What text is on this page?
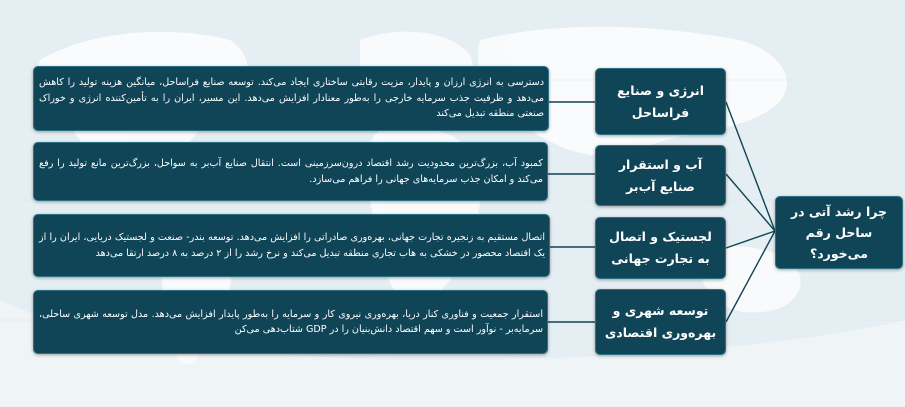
چرا رشد آتی در ساحل رقم می‌خورد؟
انرژی و صنایع فراساحل
آب و استقرار صنایع آب‌بر
لجستیک و اتصال به تجارت جهانی
توسعه شهری و بهره‌وری اقتصادی
دسترسی به انرژی ارزان و پایدار، مزیت رقابتی ساختاری ایجاد می‌کند. توسعه صنایع فراساحل، میانگین هزینه تولید را کاهش می‌دهد و ظرفیت جذب سرمایه خارجی را به‌طور معنادار افزایش می‌دهد. این مسیر، ایران را به تأمین‌کننده انرژی و خوراک صنعتی منطقه تبدیل می‌کند
کمبود آب، بزرگ‌ترین محدودیت رشد اقتصاد درون‌سرزمینی است. انتقال صنایع آب‌بر به سواحل، بزرگ‌ترین مانع تولید را رفع می‌کند و امکان جذب سرمایه‌های جهانی را فراهم می‌سازد.
اتصال مستقیم به زنجیره تجارت جهانی، بهره‌وری صادراتی را افزایش می‌دهد. توسعه بندر- صنعت و لجستیک دریایی، ایران را از یک اقتصاد محصور در خشکی به هاب تجاری منطقه تبدیل می‌کند و نرخ رشد را از ۲ درصد به ۸ درصد ارتقا می‌دهد
استقرار جمعیت و فناوری کنار دریا، بهره‌وری نیروی کار و سرمایه را به‌طور پایدار افزایش می‌دهد. مدل توسعه شهری ساحلی، سرمایه‌بر - نوآور است و سهم اقتصاد دانش‌بنیان را در GDP شتاب‌دهی می‌کن
